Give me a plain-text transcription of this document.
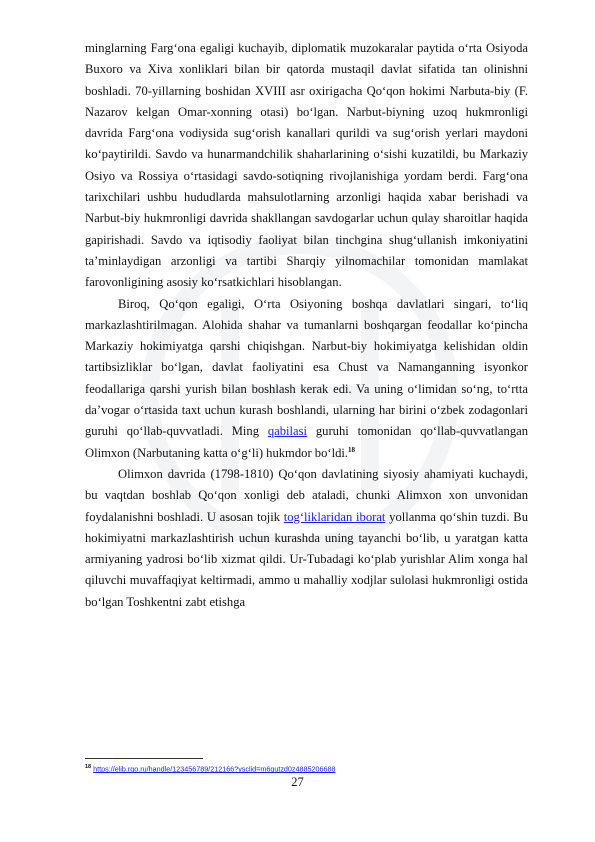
minglarning Farg‘ona egaligi kuchayib, diplomatik muzokaralar paytida o‘rta Osiyoda Buxoro va Xiva xonliklari bilan bir qatorda mustaqil davlat sifatida tan olinishni boshladi. 70-yillarning boshidan XVIII asr oxirigacha Qo‘qon hokimi Narbuta-biy (F. Nazarov kelgan Omar-xonning otasi) bo‘lgan. Narbut-biyning uzoq hukmronligi davrida Farg‘ona vodiysida sug‘orish kanallari qurildi va sug‘orish yerlari maydoni ko‘paytirildi. Savdo va hunarmandchilik shaharlarining o‘sishi kuzatildi, bu Markaziy Osiyo va Rossiya o‘rtasidagi savdo-sotiqning rivojlanishiga yordam berdi. Farg‘ona tarixchilari ushbu hududlarda mahsulotlarning arzonligi haqida xabar berishadi va Narbut-biy hukmronligi davrida shakllangan savdogarlar uchun qulay sharoitlar haqida gapirishadi. Savdo va iqtisodiy faoliyat bilan tinchgina shug‘ullanish imkoniyatini ta’minlaydigan arzonligi va tartibi Sharqiy yilnomachilar tomonidan mamlakat farovonligining asosiy ko‘rsatkichlari hisoblangan.

Biroq, Qo‘qon egaligi, O‘rta Osiyoning boshqa davlatlari singari, to‘liq markazlashtirilmagan. Alohida shahar va tumanlarni boshqargan feodallar ko‘pincha Markaziy hokimiyatga qarshi chiqishgan. Narbut-biy hokimiyatga kelishidan oldin tartibsizliklar bo‘lgan, davlat faoliyatini esa Chust va Namanganning isyonkor feodallariga qarshi yurish bilan boshlash kerak edi. Va uning o‘limidan so‘ng, to‘rtta da’vogar o‘rtasida taxt uchun kurash boshlandi, ularning har birini o‘zbek zodagonlari guruhi qo‘llab-quvvatladi. Ming qabilasi guruhi tomonidan qo‘llab-quvvatlangan Olimxon (Narbutaning katta o‘g‘li) hukmdor bo‘ldi.$^{18}$

Olimxon davrida (1798-1810) Qo‘qon davlatining siyosiy ahamiyati kuchaydi, bu vaqtdan boshlab Qo‘qon xonligi deb ataladi, chunki Alimxon xon unvonidan foydalanishni boshladi. U asosan tojik tog‘liklaridan iborat yollanma qo‘shin tuzdi. Bu hokimiyatni markazlashtirish uchun kurashda uning tayanchi bo‘lib, u yaratgan katta armiyaning yadrosi bo‘lib xizmat qildi. Ur-Tubadagi ko‘plab yurishlar Alim xonga hal qiluvchi muvaffaqiyat keltirmadi, ammo u mahalliy xodjlar sulolasi hukmronligi ostida bo‘lgan Toshkentni zabt etishga

$^{18}$ https://elib.rgo.ru/handle/123456789/212166?ysclid=m6gutzd0z4885206688
27
